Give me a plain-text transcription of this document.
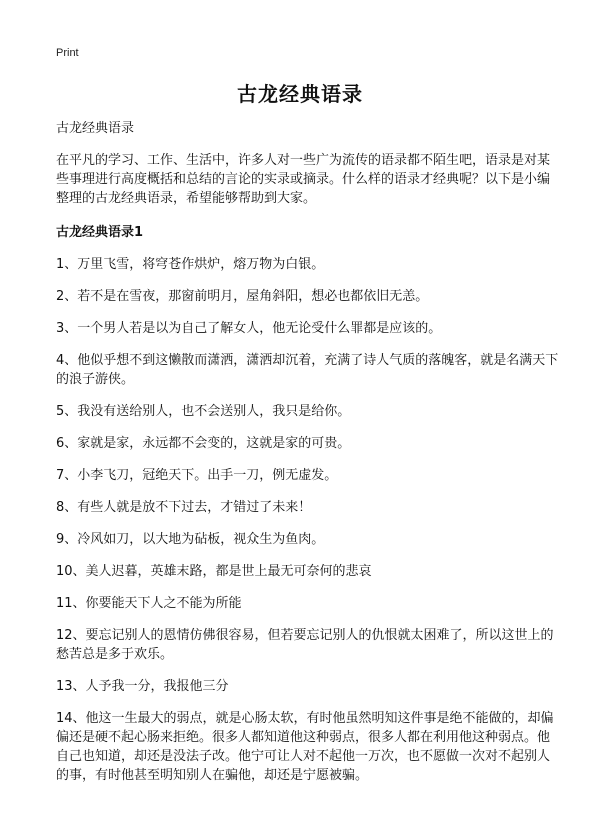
Print
古龙经典语录

古龙经典语录

在平凡的学习、工作、生活中，许多人对一些广为流传的语录都不陌生吧，语录是对某些事理进行高度概括和总结的言论的实录或摘录。什么样的语录才经典呢？以下是小编整理的古龙经典语录，希望能够帮助到大家。

古龙经典语录1

1、万里飞雪，将穹苍作烘炉，熔万物为白银。

2、若不是在雪夜，那窗前明月，屋角斜阳，想必也都依旧无恙。

3、一个男人若是以为自己了解女人，他无论受什么罪都是应该的。

4、他似乎想不到这懒散而潇洒，潇洒却沉着，充满了诗人气质的落魄客，就是名满天下的浪子游侠。

5、我没有送给别人，也不会送别人，我只是给你。

6、家就是家，永远都不会变的，这就是家的可贵。

7、小李飞刀，冠绝天下。出手一刀，例无虚发。

8、有些人就是放不下过去，才错过了未来！

9、冷风如刀，以大地为砧板，视众生为鱼肉。

10、美人迟暮，英雄末路，都是世上最无可奈何的悲哀

11、你要能天下人之不能为所能

12、要忘记别人的恩情仿佛很容易，但若要忘记别人的仇恨就太困难了，所以这世上的愁苦总是多于欢乐。

13、人予我一分，我报他三分

14、他这一生最大的弱点，就是心肠太软，有时他虽然明知这件事是绝不能做的，却偏偏还是硬不起心肠来拒绝。很多人都知道他这种弱点，很多人都在利用他这种弱点。他自己也知道，却还是没法子改。他宁可让人对不起他一万次，也不愿做一次对不起别人的事，有时他甚至明知别人在骗他，却还是宁愿被骗。
